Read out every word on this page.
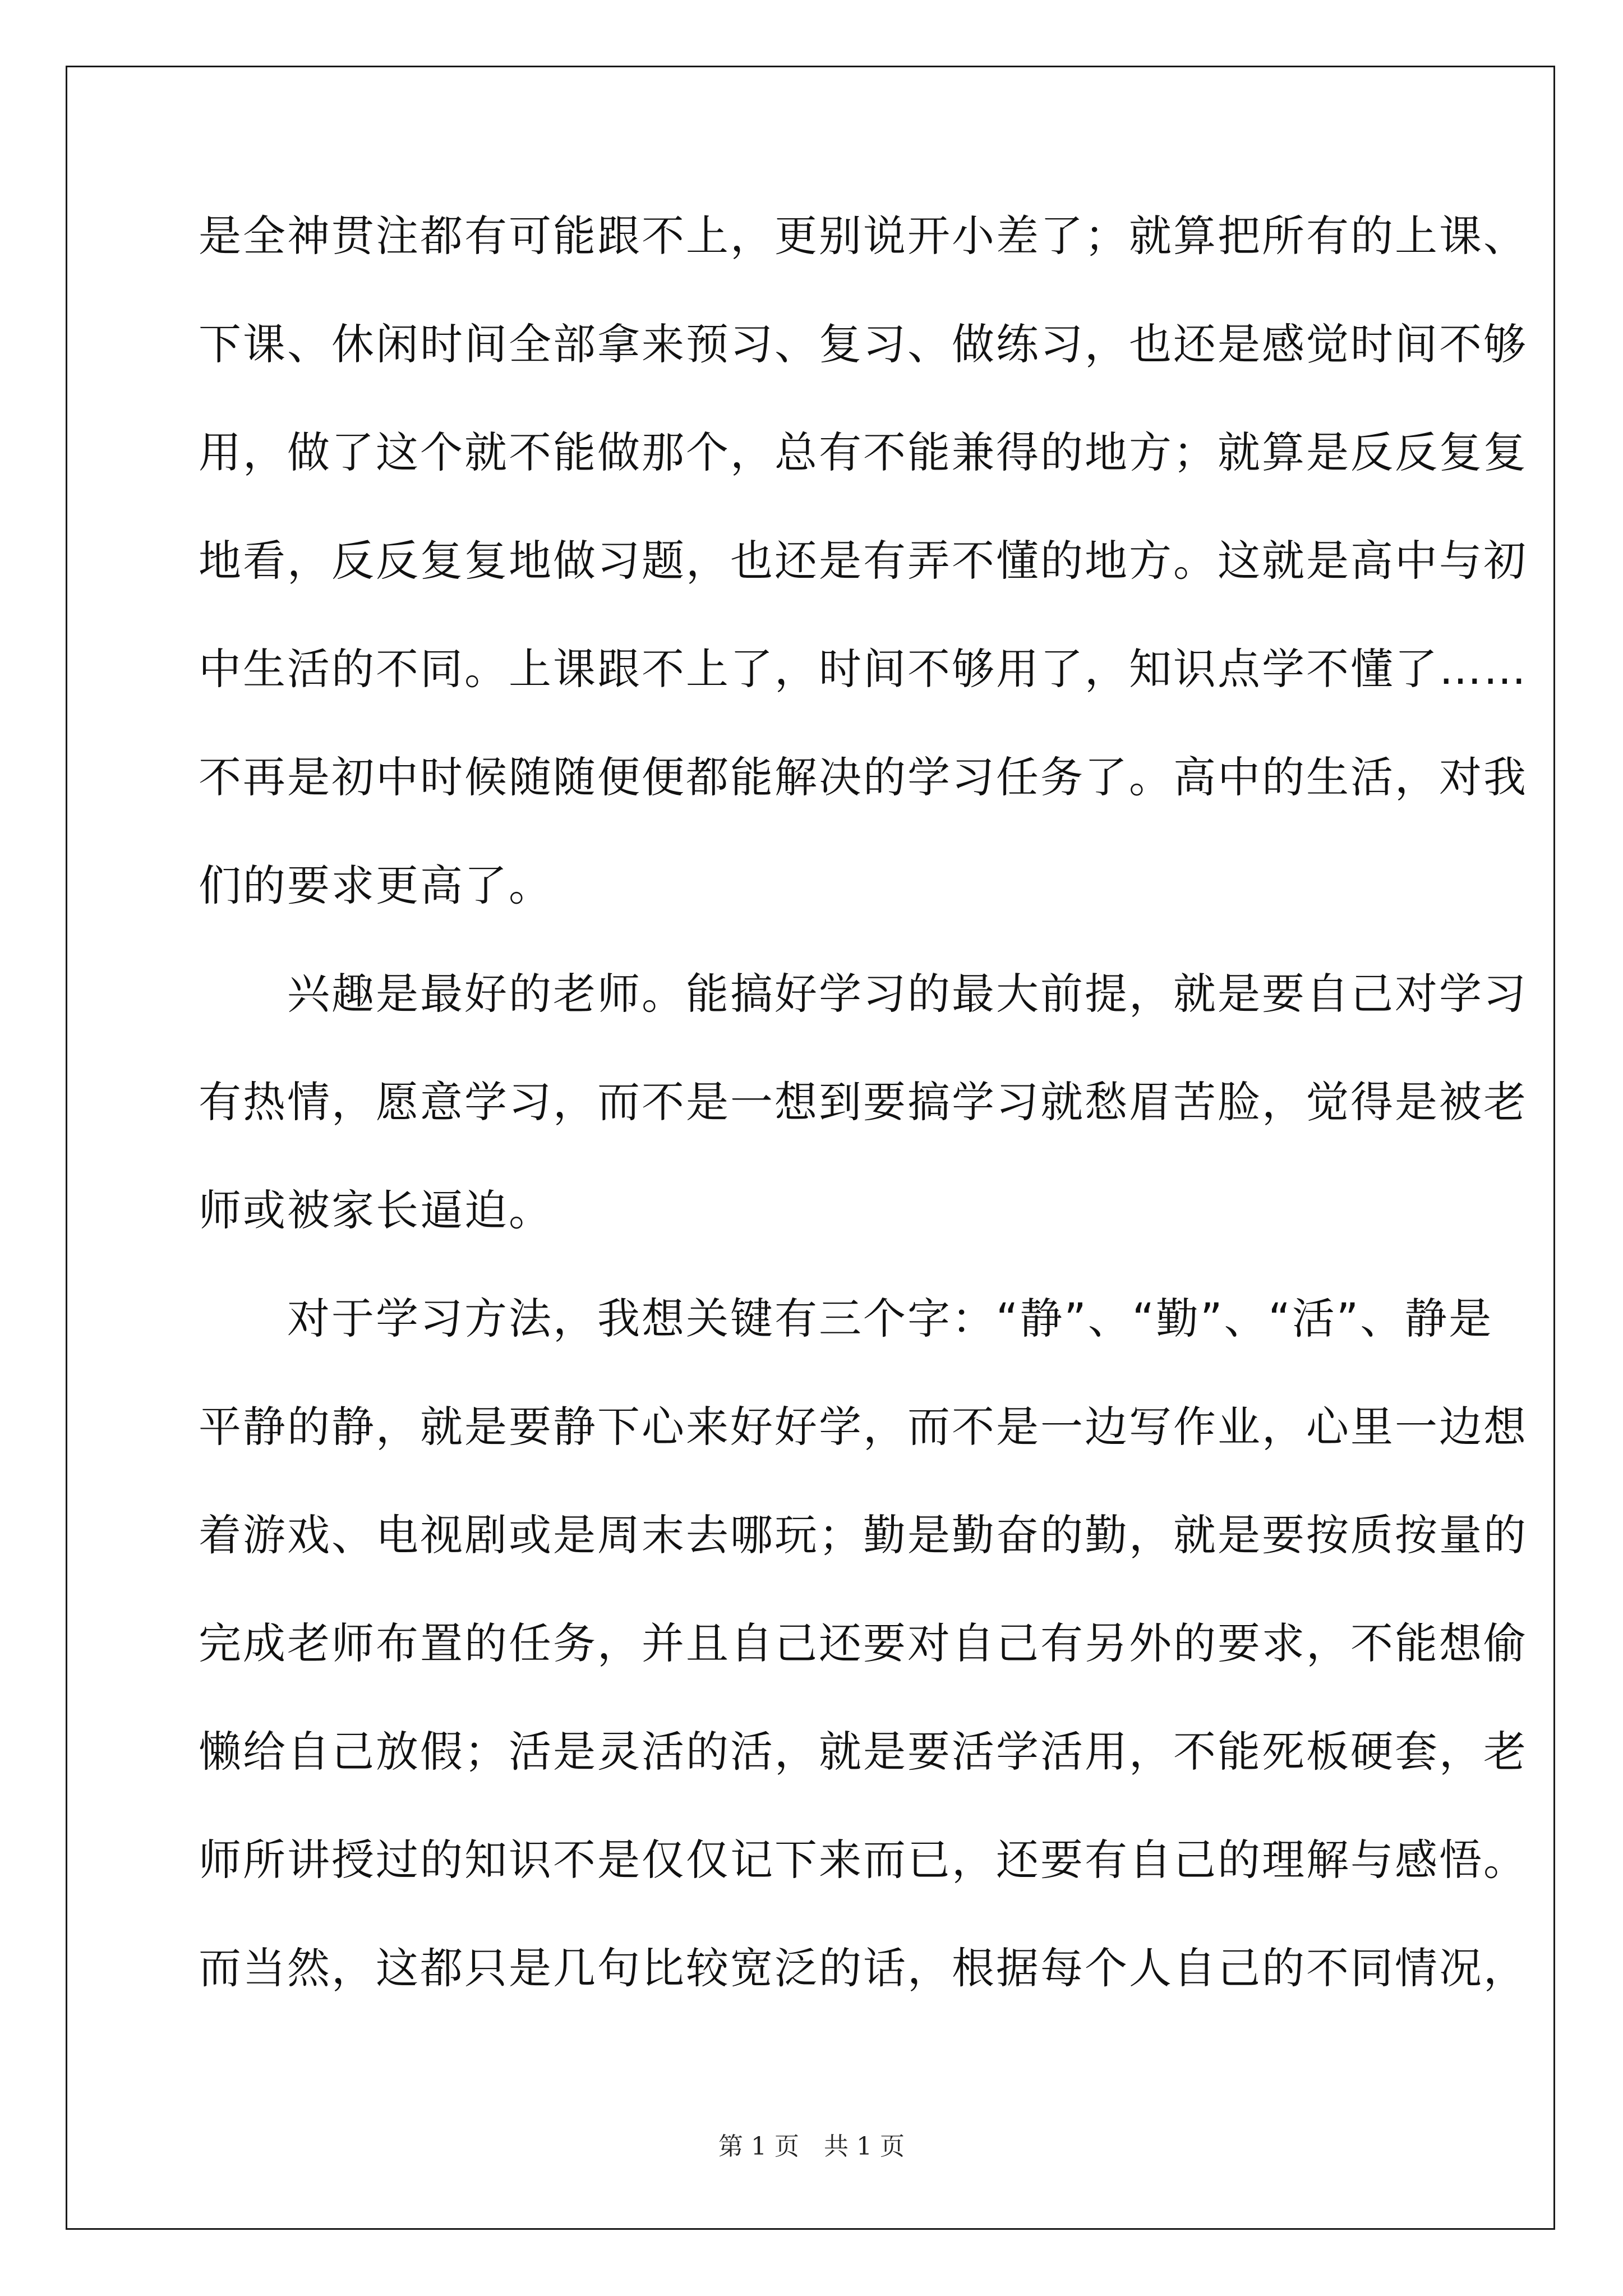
是全神贯注都有可能跟不上，更别说开小差了；就算把所有的上课、
下课、休闲时间全部拿来预习、复习、做练习，也还是感觉时间不够
用，做了这个就不能做那个，总有不能兼得的地方；就算是反反复复
地看，反反复复地做习题，也还是有弄不懂的地方。这就是高中与初
中生活的不同。上课跟不上了，时间不够用了，知识点学不懂了……
不再是初中时候随随便便都能解决的学习任务了。高中的生活，对我
们的要求更高了。
　　兴趣是最好的老师。能搞好学习的最大前提，就是要自己对学习
有热情，愿意学习，而不是一想到要搞学习就愁眉苦脸，觉得是被老
师或被家长逼迫。
　　对于学习方法，我想关键有三个字：“静”、“勤”、“活”、静是
平静的静，就是要静下心来好好学，而不是一边写作业，心里一边想
着游戏、电视剧或是周末去哪玩；勤是勤奋的勤，就是要按质按量的
完成老师布置的任务，并且自己还要对自己有另外的要求，不能想偷
懒给自己放假；活是灵活的活，就是要活学活用，不能死板硬套，老
师所讲授过的知识不是仅仅记下来而已，还要有自己的理解与感悟。
而当然，这都只是几句比较宽泛的话，根据每个人自己的不同情况，
第 1 页　共 1 页
